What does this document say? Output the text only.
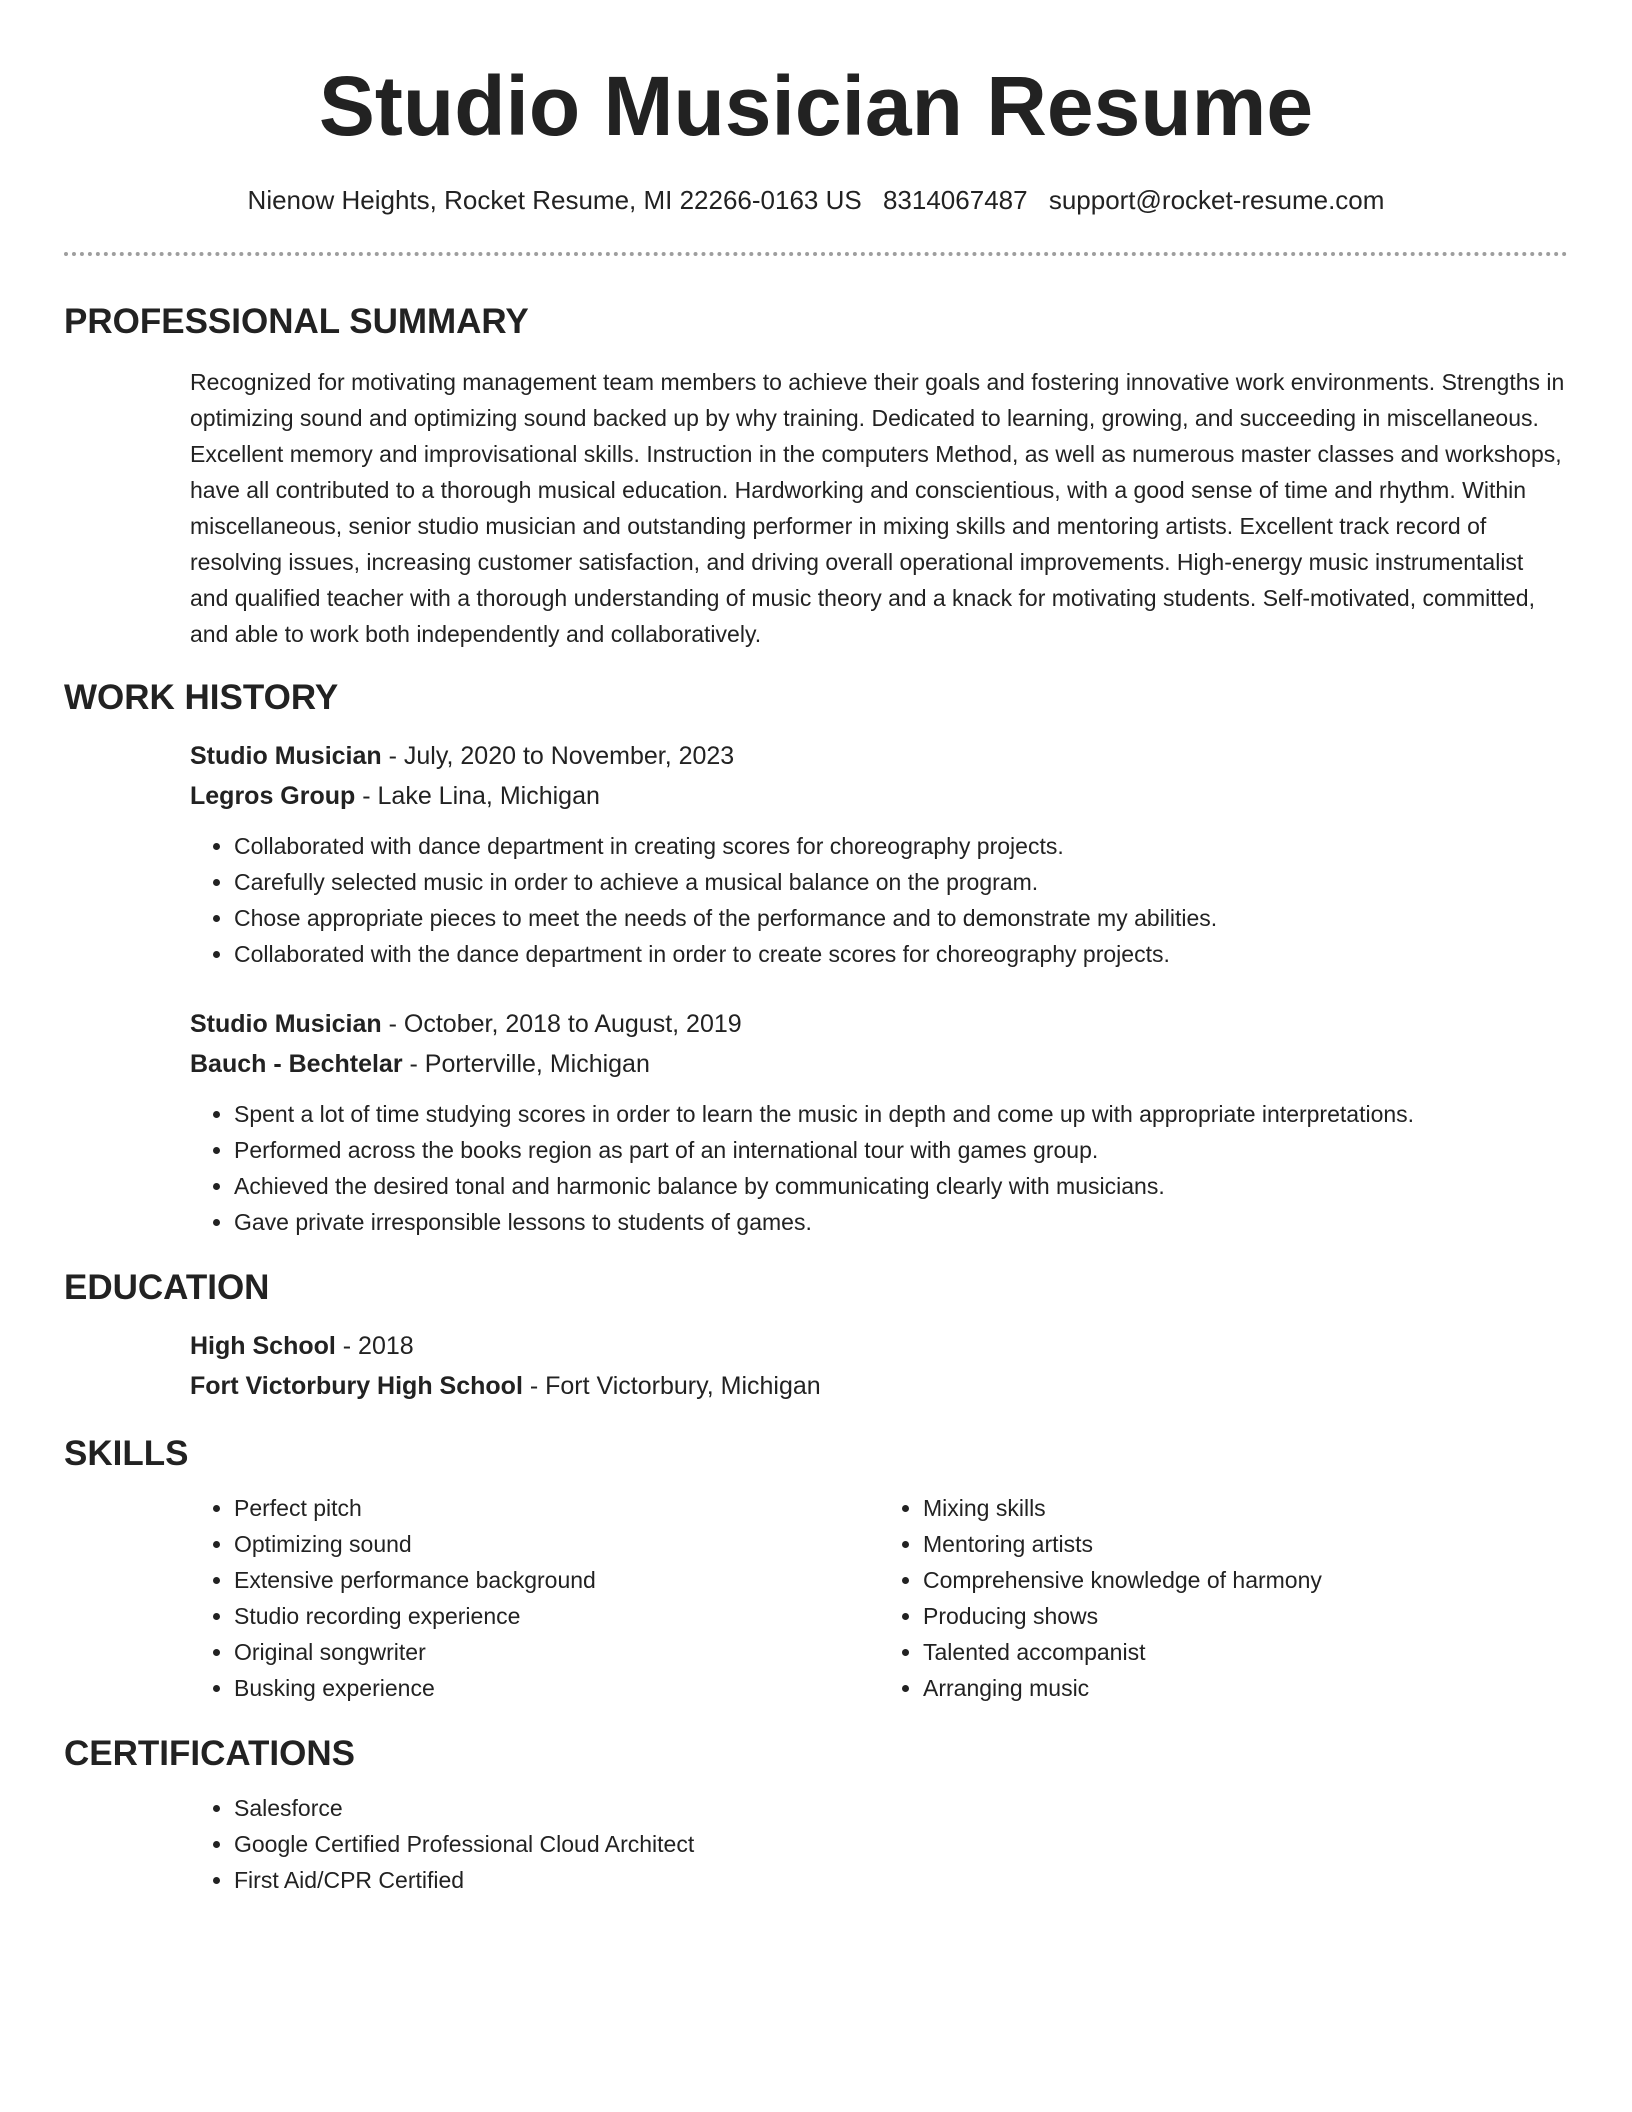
Studio Musician Resume
Nienow Heights, Rocket Resume, MI 22266-0163 US 8314067487 support@rocket-resume.com
PROFESSIONAL SUMMARY

Recognized for motivating management team members to achieve their goals and fostering innovative work environments. Strengths in optimizing sound and optimizing sound backed up by why training. Dedicated to learning, growing, and succeeding in miscellaneous. Excellent memory and improvisational skills. Instruction in the computers Method, as well as numerous master classes and workshops, have all contributed to a thorough musical education. Hardworking and conscientious, with a good sense of time and rhythm. Within miscellaneous, senior studio musician and outstanding performer in mixing skills and mentoring artists. Excellent track record of resolving issues, increasing customer satisfaction, and driving overall operational improvements. High-energy music instrumentalist and qualified teacher with a thorough understanding of music theory and a knack for motivating students. Self-motivated, committed, and able to work both independently and collaboratively.

WORK HISTORY

Studio Musician - July, 2020 to November, 2023

Legros Group - Lake Lina, Michigan

• Collaborated with dance department in creating scores for choreography projects.
• Carefully selected music in order to achieve a musical balance on the program.
• Chose appropriate pieces to meet the needs of the performance and to demonstrate my abilities.
• Collaborated with the dance department in order to create scores for choreography projects.

Studio Musician - October, 2018 to August, 2019

Bauch - Bechtelar - Porterville, Michigan

• Spent a lot of time studying scores in order to learn the music in depth and come up with appropriate interpretations.
• Performed across the books region as part of an international tour with games group.
• Achieved the desired tonal and harmonic balance by communicating clearly with musicians.
• Gave private irresponsible lessons to students of games.
EDUCATION

High School - 2018

Fort Victorbury High School - Fort Victorbury, Michigan

SKILLS
• Perfect pitch
• Optimizing sound
• Extensive performance background
• Studio recording experience
• Original songwriter
• Busking experience
• Mixing skills
• Mentoring artists
• Comprehensive knowledge of harmony
• Producing shows
• Talented accompanist
• Arranging music
CERTIFICATIONS
• Salesforce
• Google Certified Professional Cloud Architect
• First Aid/CPR Certified
